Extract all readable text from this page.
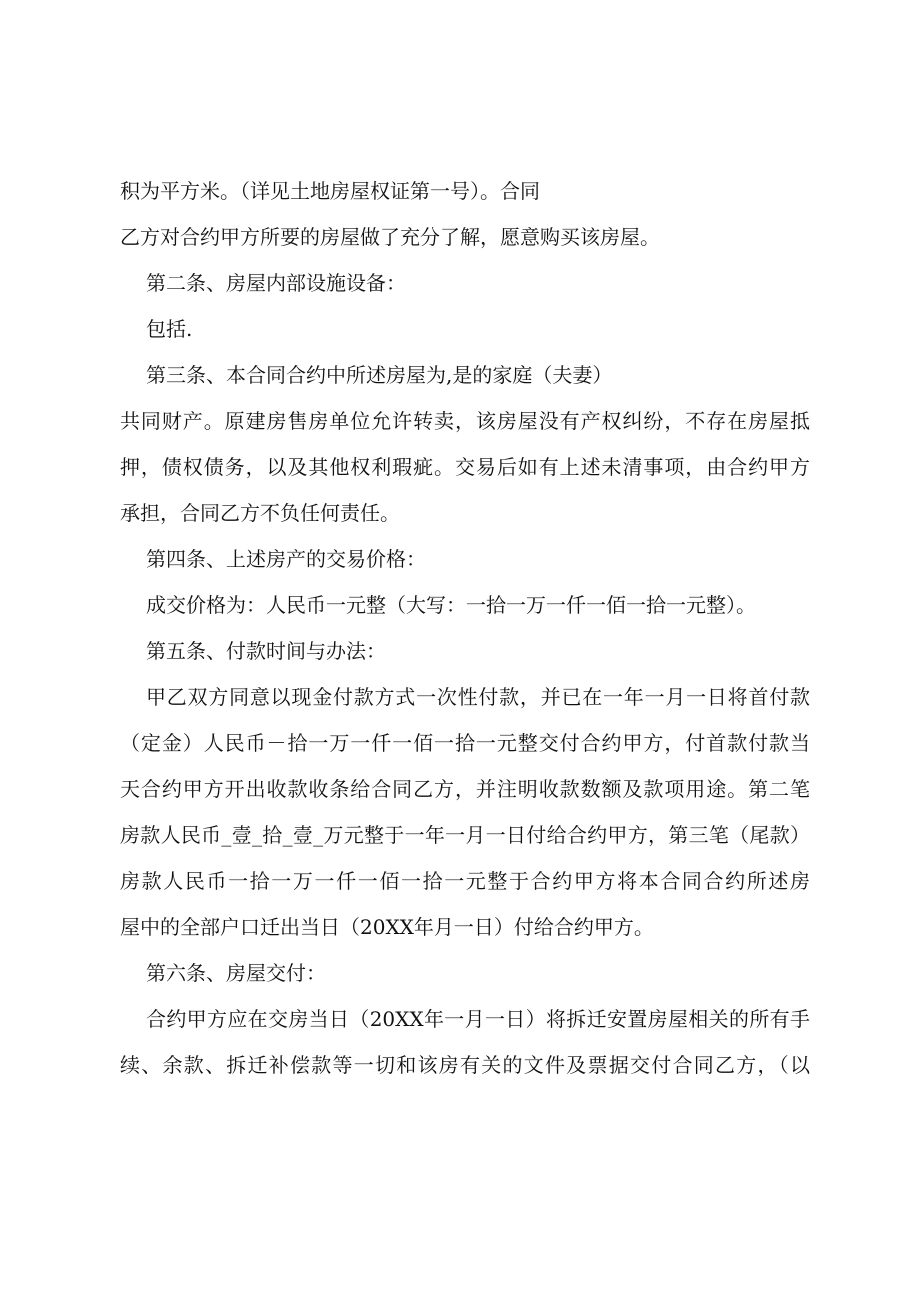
积为平方米。（详见土地房屋权证第一号）。合同
乙方对合约甲方所要的房屋做了充分了解，愿意购买该房屋。
第二条、房屋内部设施设备：
包括.
第三条、本合同合约中所述房屋为,是的家庭（夫妻）
共同财产。原建房售房单位允许转卖，该房屋没有产权纠纷，不存在房屋抵
押，债权债务，以及其他权利瑕疵。交易后如有上述未清事项，由合约甲方
承担，合同乙方不负任何责任。
第四条、上述房产的交易价格：
成交价格为：人民币一元整（大写：一拾一万一仟一佰一拾一元整）。
第五条、付款时间与办法：
甲乙双方同意以现金付款方式一次性付款，并已在一年一月一日将首付款
（定金）人民币－拾一万一仟一佰一拾一元整交付合约甲方，付首款付款当
天合约甲方开出收款收条给合同乙方，并注明收款数额及款项用途。第二笔
房款人民币_壹_拾_壹_万元整于一年一月一日付给合约甲方，第三笔（尾款）
房款人民币一拾一万一仟一佰一拾一元整于合约甲方将本合同合约所述房
屋中的全部户口迁出当日（20XX年月一日）付给合约甲方。
第六条、房屋交付：
合约甲方应在交房当日（20XX年一月一日）将拆迁安置房屋相关的所有手
续、余款、拆迁补偿款等一切和该房有关的文件及票据交付合同乙方，（以
